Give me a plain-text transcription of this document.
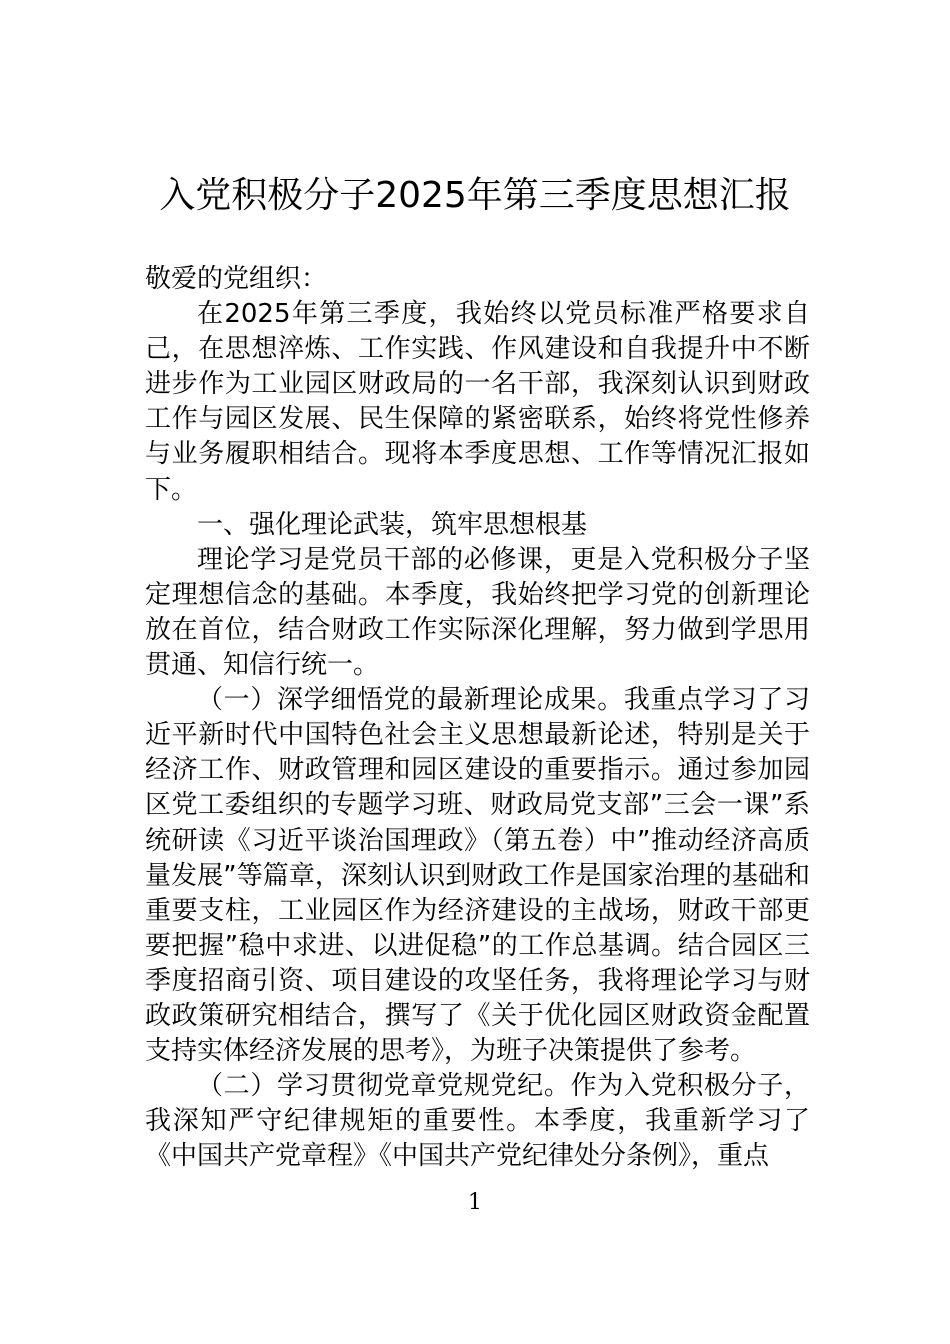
入党积极分子2025年第三季度思想汇报

敬爱的党组织：

在2025年第三季度，我始终以党员标准严格要求自己，在思想淬炼、工作实践、作风建设和自我提升中不断进步作为工业园区财政局的一名干部，我深刻认识到财政工作与园区发展、民生保障的紧密联系，始终将党性修养与业务履职相结合。现将本季度思想、工作等情况汇报如下。

一、强化理论武装，筑牢思想根基

理论学习是党员干部的必修课，更是入党积极分子坚定理想信念的基础。本季度，我始终把学习党的创新理论放在首位，结合财政工作实际深化理解，努力做到学思用贯通、知信行统一。

（一）深学细悟党的最新理论成果。我重点学习了习近平新时代中国特色社会主义思想最新论述，特别是关于经济工作、财政管理和园区建设的重要指示。通过参加园区党工委组织的专题学习班、财政局党支部”三会一课”系统研读《习近平谈治国理政》（第五卷）中”推动经济高质量发展”等篇章，深刻认识到财政工作是国家治理的基础和重要支柱，工业园区作为经济建设的主战场，财政干部更要把握”稳中求进、以进促稳”的工作总基调。结合园区三季度招商引资、项目建设的攻坚任务，我将理论学习与财政政策研究相结合，撰写了《关于优化园区财政资金配置支持实体经济发展的思考》，为班子决策提供了参考。

（二）学习贯彻党章党规党纪。作为入党积极分子，我深知严守纪律规矩的重要性。本季度，我重新学习了《中国共产党章程》《中国共产党纪律处分条例》，重点

1
